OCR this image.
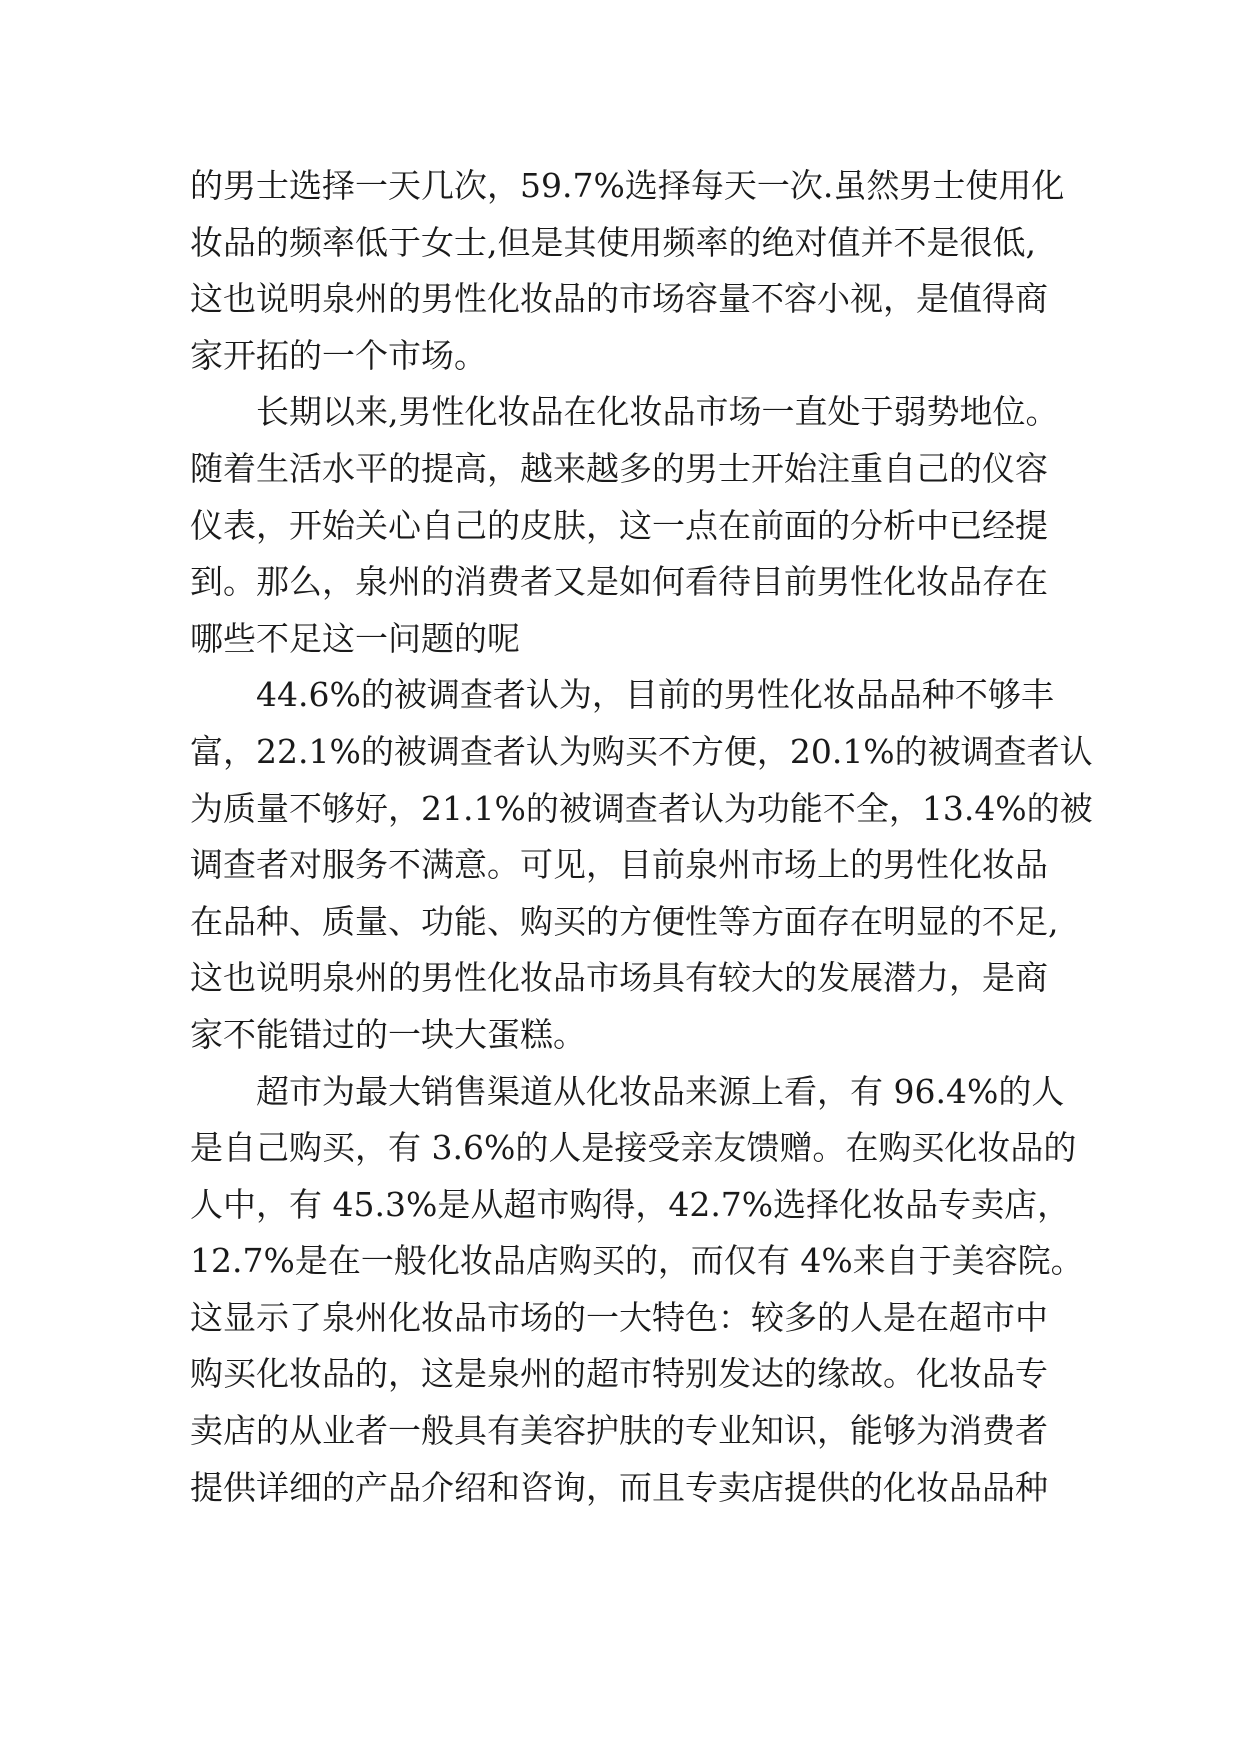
的男士选择一天几次，59.7%选择每天一次.虽然男士使用化
妆品的频率低于女士,但是其使用频率的绝对值并不是很低,
这也说明泉州的男性化妆品的市场容量不容小视，是值得商
家开拓的一个市场。
长期以来,男性化妆品在化妆品市场一直处于弱势地位。
随着生活水平的提高，越来越多的男士开始注重自己的仪容
仪表，开始关心自己的皮肤，这一点在前面的分析中已经提
到。那么，泉州的消费者又是如何看待目前男性化妆品存在
哪些不足这一问题的呢
44.6%的被调查者认为，目前的男性化妆品品种不够丰
富，22.1%的被调查者认为购买不方便，20.1%的被调查者认
为质量不够好，21.1%的被调查者认为功能不全，13.4%的被
调查者对服务不满意。可见，目前泉州市场上的男性化妆品
在品种、质量、功能、购买的方便性等方面存在明显的不足,
这也说明泉州的男性化妆品市场具有较大的发展潜力，是商
家不能错过的一块大蛋糕。
超市为最大销售渠道从化妆品来源上看，有 96.4%的人
是自己购买，有 3.6%的人是接受亲友馈赠。在购买化妆品的
人中，有 45.3%是从超市购得，42.7%选择化妆品专卖店，
12.7%是在一般化妆品店购买的，而仅有 4%来自于美容院。
这显示了泉州化妆品市场的一大特色：较多的人是在超市中
购买化妆品的，这是泉州的超市特别发达的缘故。化妆品专
卖店的从业者一般具有美容护肤的专业知识，能够为消费者
提供详细的产品介绍和咨询，而且专卖店提供的化妆品品种
